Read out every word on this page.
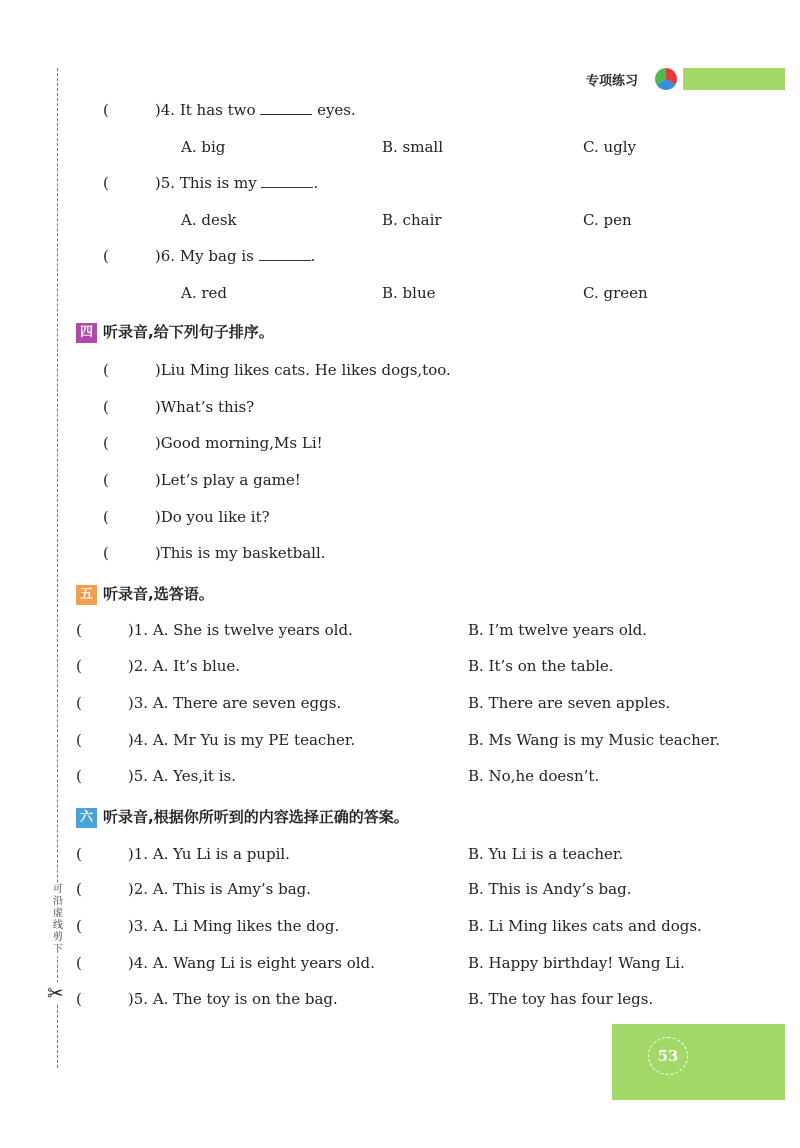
可
沿
虚
线
剪
下
✂
专项练习
(	)4. It has two	eyes.
A. big	B. small	C. ugly
(	)5. This is my	.
A. desk	B. chair	C. pen
(	)6. My bag is	.
A. red	B. blue	C. green
四 听录音,给下列句子排序。
(	)Liu Ming likes cats. He likes dogs,too.
(	)What’s this?
(	)Good morning,Ms Li!
(	)Let’s play a game!
(	)Do you like it?
(	)This is my basketball.
五 听录音,选答语。
(	)1. A. She is twelve years old.	B. I’m twelve years old.
(	)2. A. It’s blue.	B. It’s on the table.
(	)3. A. There are seven eggs.	B. There are seven apples.
(	)4. A. Mr Yu is my PE teacher.	B. Ms Wang is my Music teacher.
(	)5. A. Yes,it is.	B. No,he doesn’t.
六 听录音,根据你所听到的内容选择正确的答案。
(	)1. A. Yu Li is a pupil.	B. Yu Li is a teacher.
(	)2. A. This is Amy’s bag.	B. This is Andy’s bag.
(	)3. A. Li Ming likes the dog.	B. Li Ming likes cats and dogs.
(	)4. A. Wang Li is eight years old.	B. Happy birthday! Wang Li.
(	)5. A. The toy is on the bag.	B. The toy has four legs.
53
